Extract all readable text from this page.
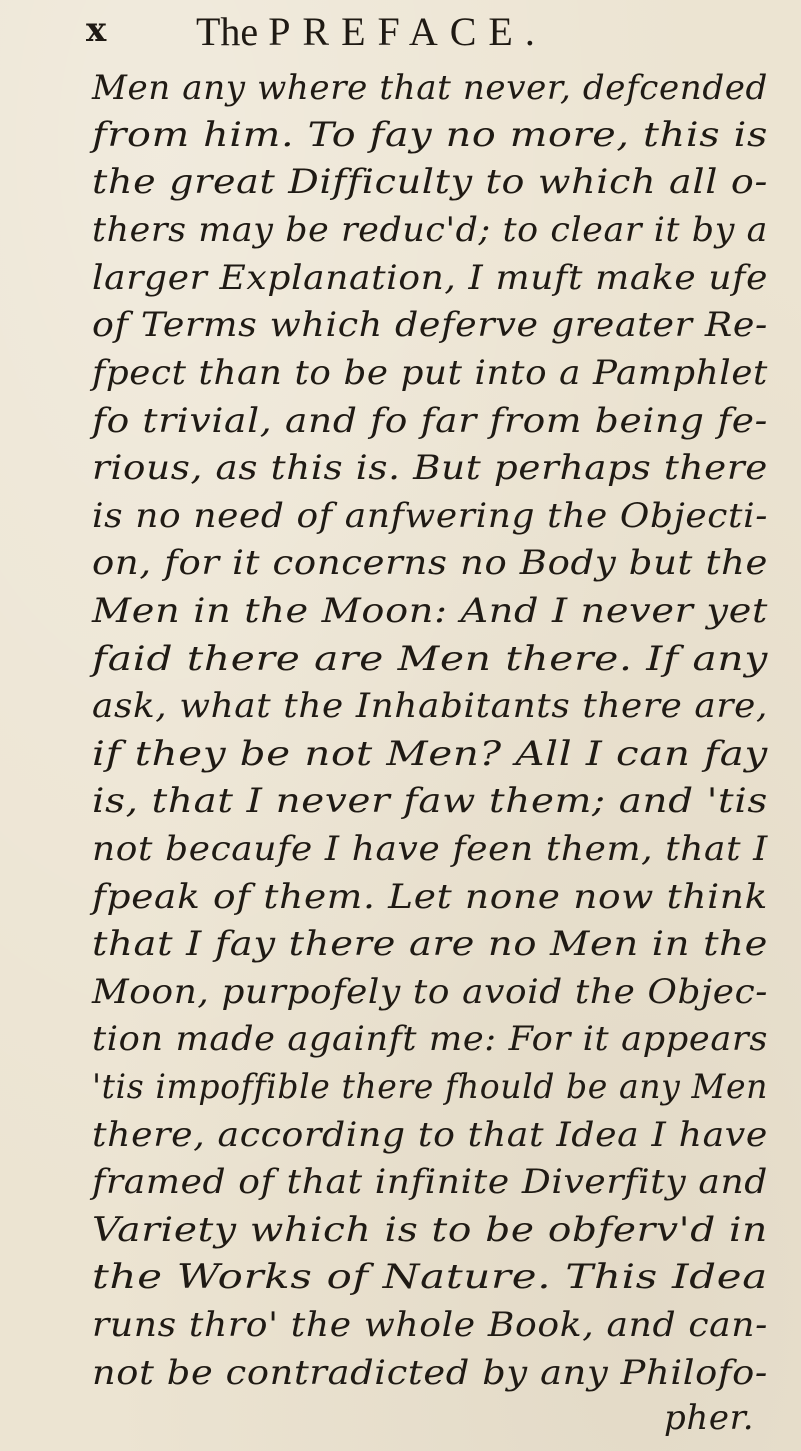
x The PREFACE.
Men any where that never, defcended
from him. To fay no more, this is
the great Difficulty to which all o-
thers may be reduc'd; to clear it by a
larger Explanation, I muft make ufe
of Terms which deferve greater Re-
fpect than to be put into a Pamphlet
fo trivial, and fo far from being fe-
rious, as this is. But perhaps there
is no need of anfwering the Objecti-
on, for it concerns no Body but the
Men in the Moon: And I never yet
faid there are Men there. If any
ask, what the Inhabitants there are,
if they be not Men? All I can fay
is, that I never faw them; and 'tis
not becaufe I have feen them, that I
fpeak of them. Let none now think
that I fay there are no Men in the
Moon, purpofely to avoid the Objec-
tion made againft me: For it appears
'tis impoffible there fhould be any Men
there, according to that Idea I have
framed of that infinite Diverfity and
Variety which is to be obferv'd in
the Works of Nature. This Idea
runs thro' the whole Book, and can-
not be contradicted by any Philofo-
pher.
